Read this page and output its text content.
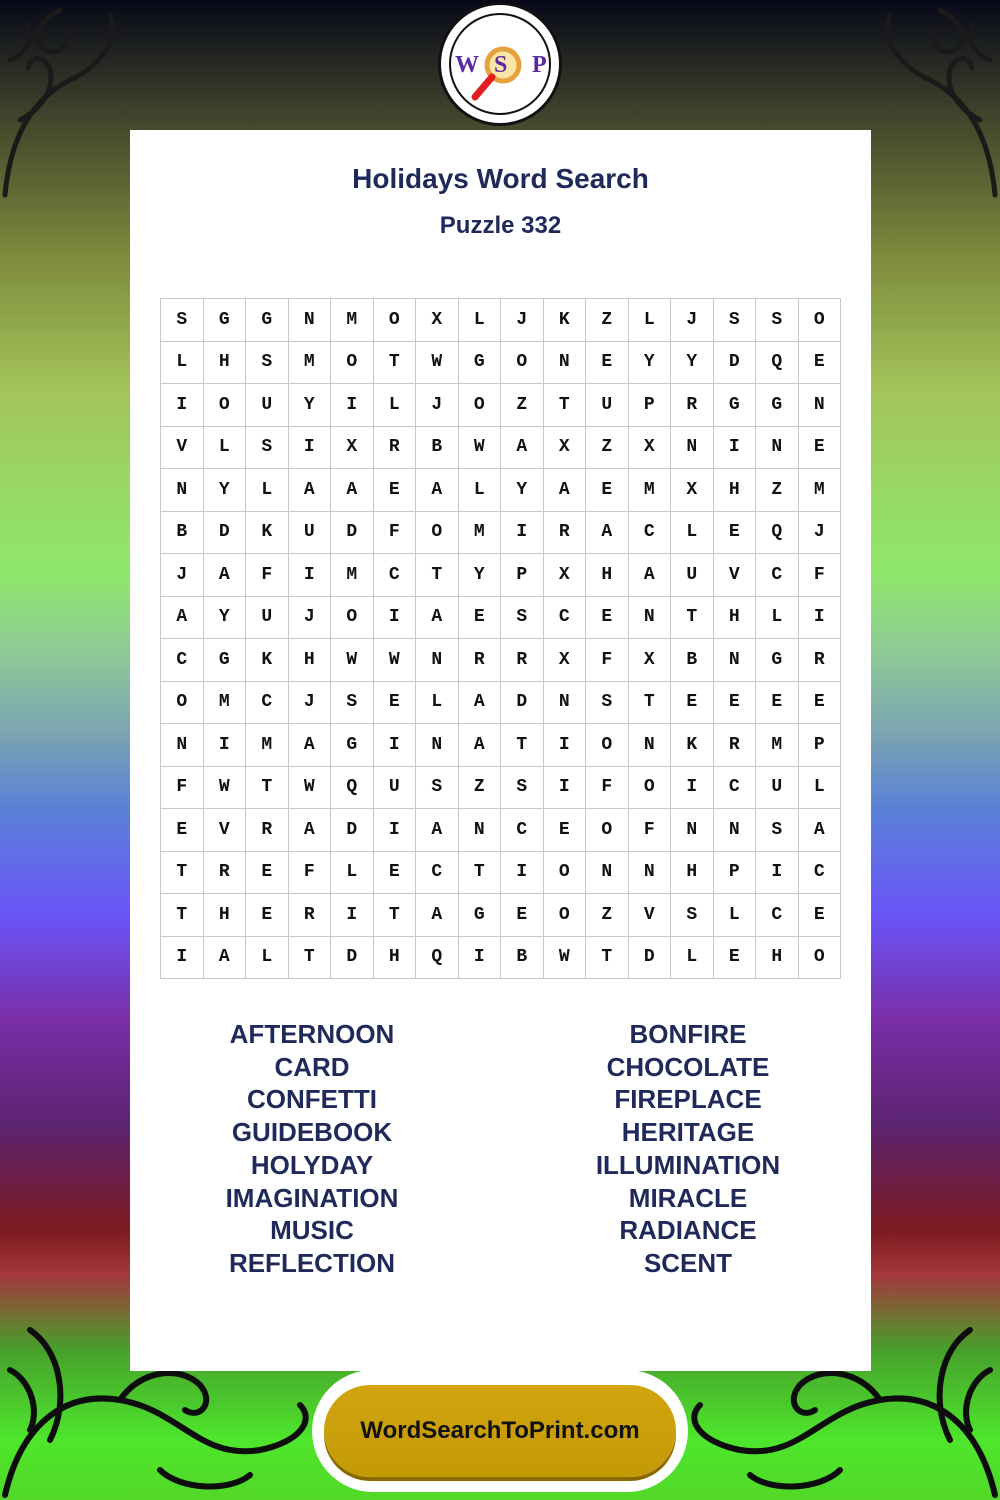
W S P
Holidays Word Search
Puzzle 332
S	G	G	N	M	O	X	L	J	K	Z	L	J	S	S	O
L	H	S	M	O	T	W	G	O	N	E	Y	Y	D	Q	E
I	O	U	Y	I	L	J	O	Z	T	U	P	R	G	G	N
V	L	S	I	X	R	B	W	A	X	Z	X	N	I	N	E
N	Y	L	A	A	E	A	L	Y	A	E	M	X	H	Z	M
B	D	K	U	D	F	O	M	I	R	A	C	L	E	Q	J
J	A	F	I	M	C	T	Y	P	X	H	A	U	V	C	F
A	Y	U	J	O	I	A	E	S	C	E	N	T	H	L	I
C	G	K	H	W	W	N	R	R	X	F	X	B	N	G	R
O	M	C	J	S	E	L	A	D	N	S	T	E	E	E	E
N	I	M	A	G	I	N	A	T	I	O	N	K	R	M	P
F	W	T	W	Q	U	S	Z	S	I	F	O	I	C	U	L
E	V	R	A	D	I	A	N	C	E	O	F	N	N	S	A
T	R	E	F	L	E	C	T	I	O	N	N	H	P	I	C
T	H	E	R	I	T	A	G	E	O	Z	V	S	L	C	E
I	A	L	T	D	H	Q	I	B	W	T	D	L	E	H	O
AFTERNOON
CARD
CONFETTI
GUIDEBOOK
HOLYDAY
IMAGINATION
MUSIC
REFLECTION
BONFIRE
CHOCOLATE
FIREPLACE
HERITAGE
ILLUMINATION
MIRACLE
RADIANCE
SCENT
WordSearchToPrint.com
